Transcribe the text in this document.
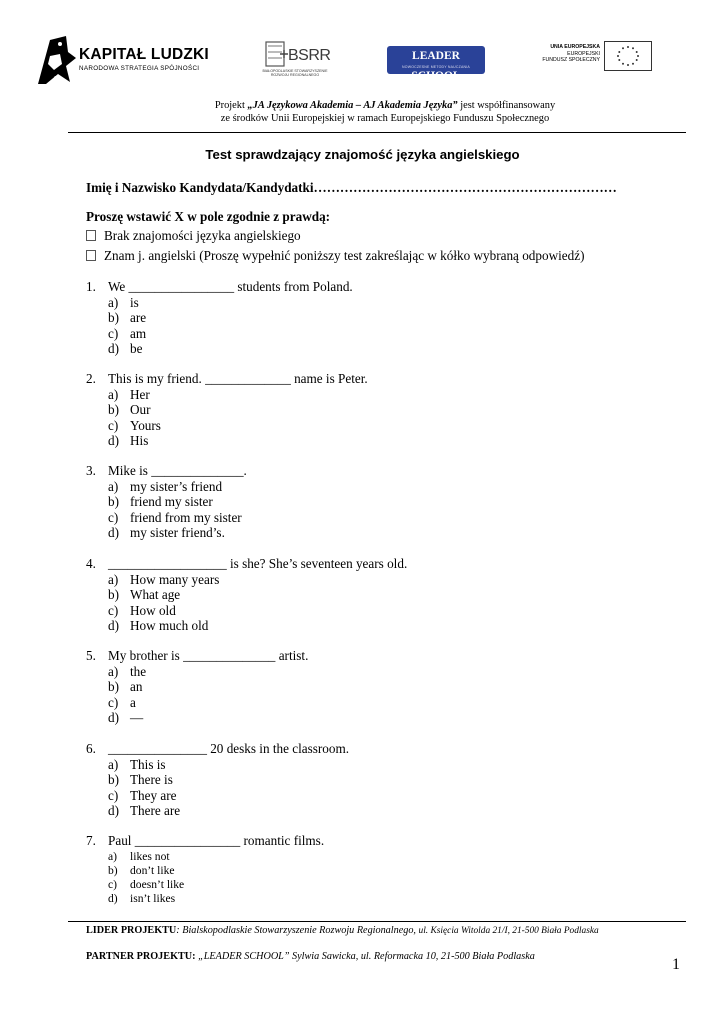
KAPITAŁ LUDZKI
NARODOWA STRATEGIA SPÓJNOŚCI
BSRR
BIAŁOPODLASKIE STOWARZYSZENIE ROZWOJU REGIONALNEGO
LEADER SCHOOL
NOWOCZESNE METODY NAUCZANIA
UNIA EUROPEJSKA
EUROPEJSKI
FUNDUSZ SPOŁECZNY
Projekt „JA Językowa Akademia – AJ Akademia Języka” jest współfinansowany
ze środków Unii Europejskiej w ramach Europejskiego Funduszu Społecznego
Test sprawdzający znajomość języka angielskiego
Imię i Nazwisko Kandydata/Kandydatki……………………………………………………………
Proszę wstawić X w pole zgodnie z prawdą:
Brak znajomości języka angielskiego
Znam j. angielski (Proszę wypełnić poniższy test zakreślając w kółko wybraną odpowiedź)
1. We ________________ students from Poland.
a) is
b) are
c) am
d) be
2. This is my friend. _____________ name is Peter.
a) Her
b) Our
c) Yours
d) His
3. Mike is ______________.
a) my sister’s friend
b) friend my sister
c) friend from my sister
d) my sister friend’s.
4. __________________ is she? She’s seventeen years old.
a) How many years
b) What age
c) How old
d) How much old
5. My brother is ______________ artist.
a) the
b) an
c) a
d) —
6. _______________ 20 desks in the classroom.
a) This is
b) There is
c) They are
d) There are
7. Paul ________________ romantic films.
a) likes not
b) don’t like
c) doesn’t like
d) isn’t likes
LIDER PROJEKTU: Bialskopodlaskie Stowarzyszenie Rozwoju Regionalnego, ul. Księcia Witolda 21/I, 21-500 Biała Podlaska
PARTNER PROJEKTU: „LEADER SCHOOL” Sylwia Sawicka, ul. Reformacka 10, 21-500 Biała Podlaska	1
